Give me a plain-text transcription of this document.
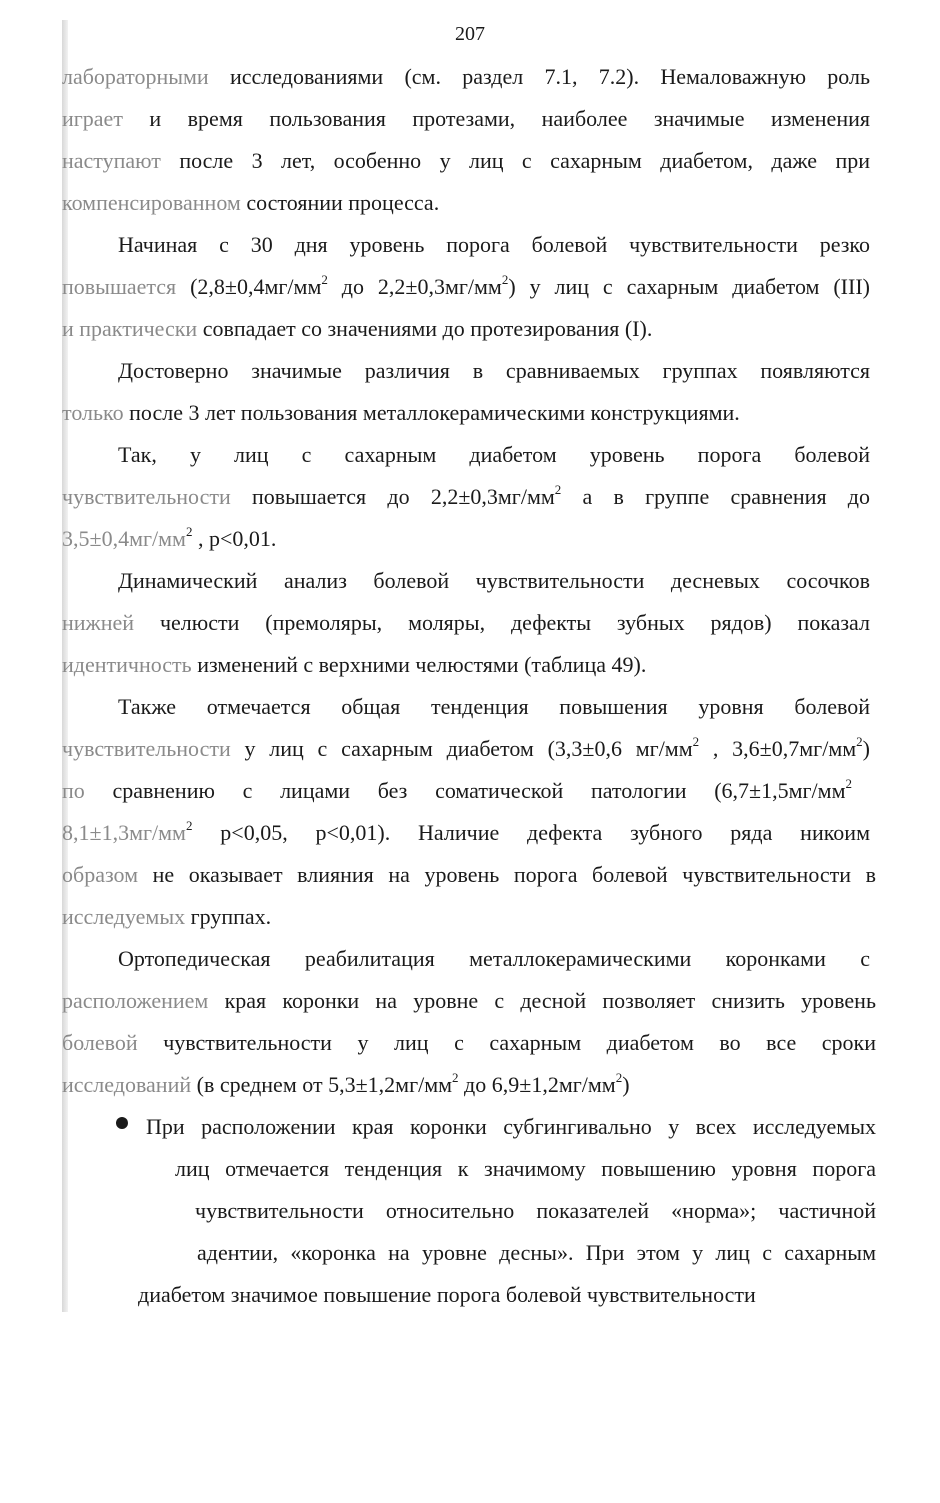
207
лабораторными исследованиями (см. раздел 7.1, 7.2). Немаловажную роль
играет и время пользования протезами, наиболее значимые изменения
наступают после 3 лет, особенно у лиц с сахарным диабетом, даже при
компенсированном состоянии процесса.
Начиная с 30 дня уровень порога болевой чувствительности резко
повышается ($2,8\pm 0,4мг/мм^2$ до $2,2\pm 0,3мг/мм^2$) у лиц с сахарным диабетом (III)
и практически совпадает со значениями до протезирования (I).
Достоверно значимые различия в сравниваемых группах появляются
только после 3 лет пользования металлокерамическими конструкциями.
Так, у лиц с сахарным диабетом уровень порога болевой
чувствительности повышается до $2,2\pm 0,3мг/мм^2$ а в группе сравнения до
$3,5\pm 0,4мг/мм^2$ , p<0,01.
Динамический анализ болевой чувствительности десневых сосочков
нижней челюсти (премоляры, моляры, дефекты зубных рядов) показал
идентичность изменений с верхними челюстями (таблица 49).
Также отмечается общая тенденция повышения уровня болевой
чувствительности у лиц с сахарным диабетом (3,3±0,6 $мг/мм^2$ , $3,6\pm 0,7мг/мм^2$)
по сравнению с лицами без соматической патологии ($6,7\pm 1,5мг/мм^2$
$8,1\pm 1,3мг/мм^2$ p<0,05, p<0,01). Наличие дефекта зубного ряда никоим
образом не оказывает влияния на уровень порога болевой чувствительности в
исследуемых группах.
Ортопедическая реабилитация металлокерамическими коронками с
расположением края коронки на уровне с десной позволяет снизить уровень
болевой чувствительности у лиц с сахарным диабетом во все сроки
исследований (в среднем от $5,3\pm 1,2мг/мм^2$ до $6,9\pm 1,2мг/мм^2$)
При расположении края коронки субгингивально у всех исследуемых
лиц отмечается тенденция к значимому повышению уровня порога
чувствительности относительно показателей «норма»; частичной
адентии, «коронка на уровне десны». При этом у лиц с сахарным
диабетом значимое повышение порога болевой чувствительности
